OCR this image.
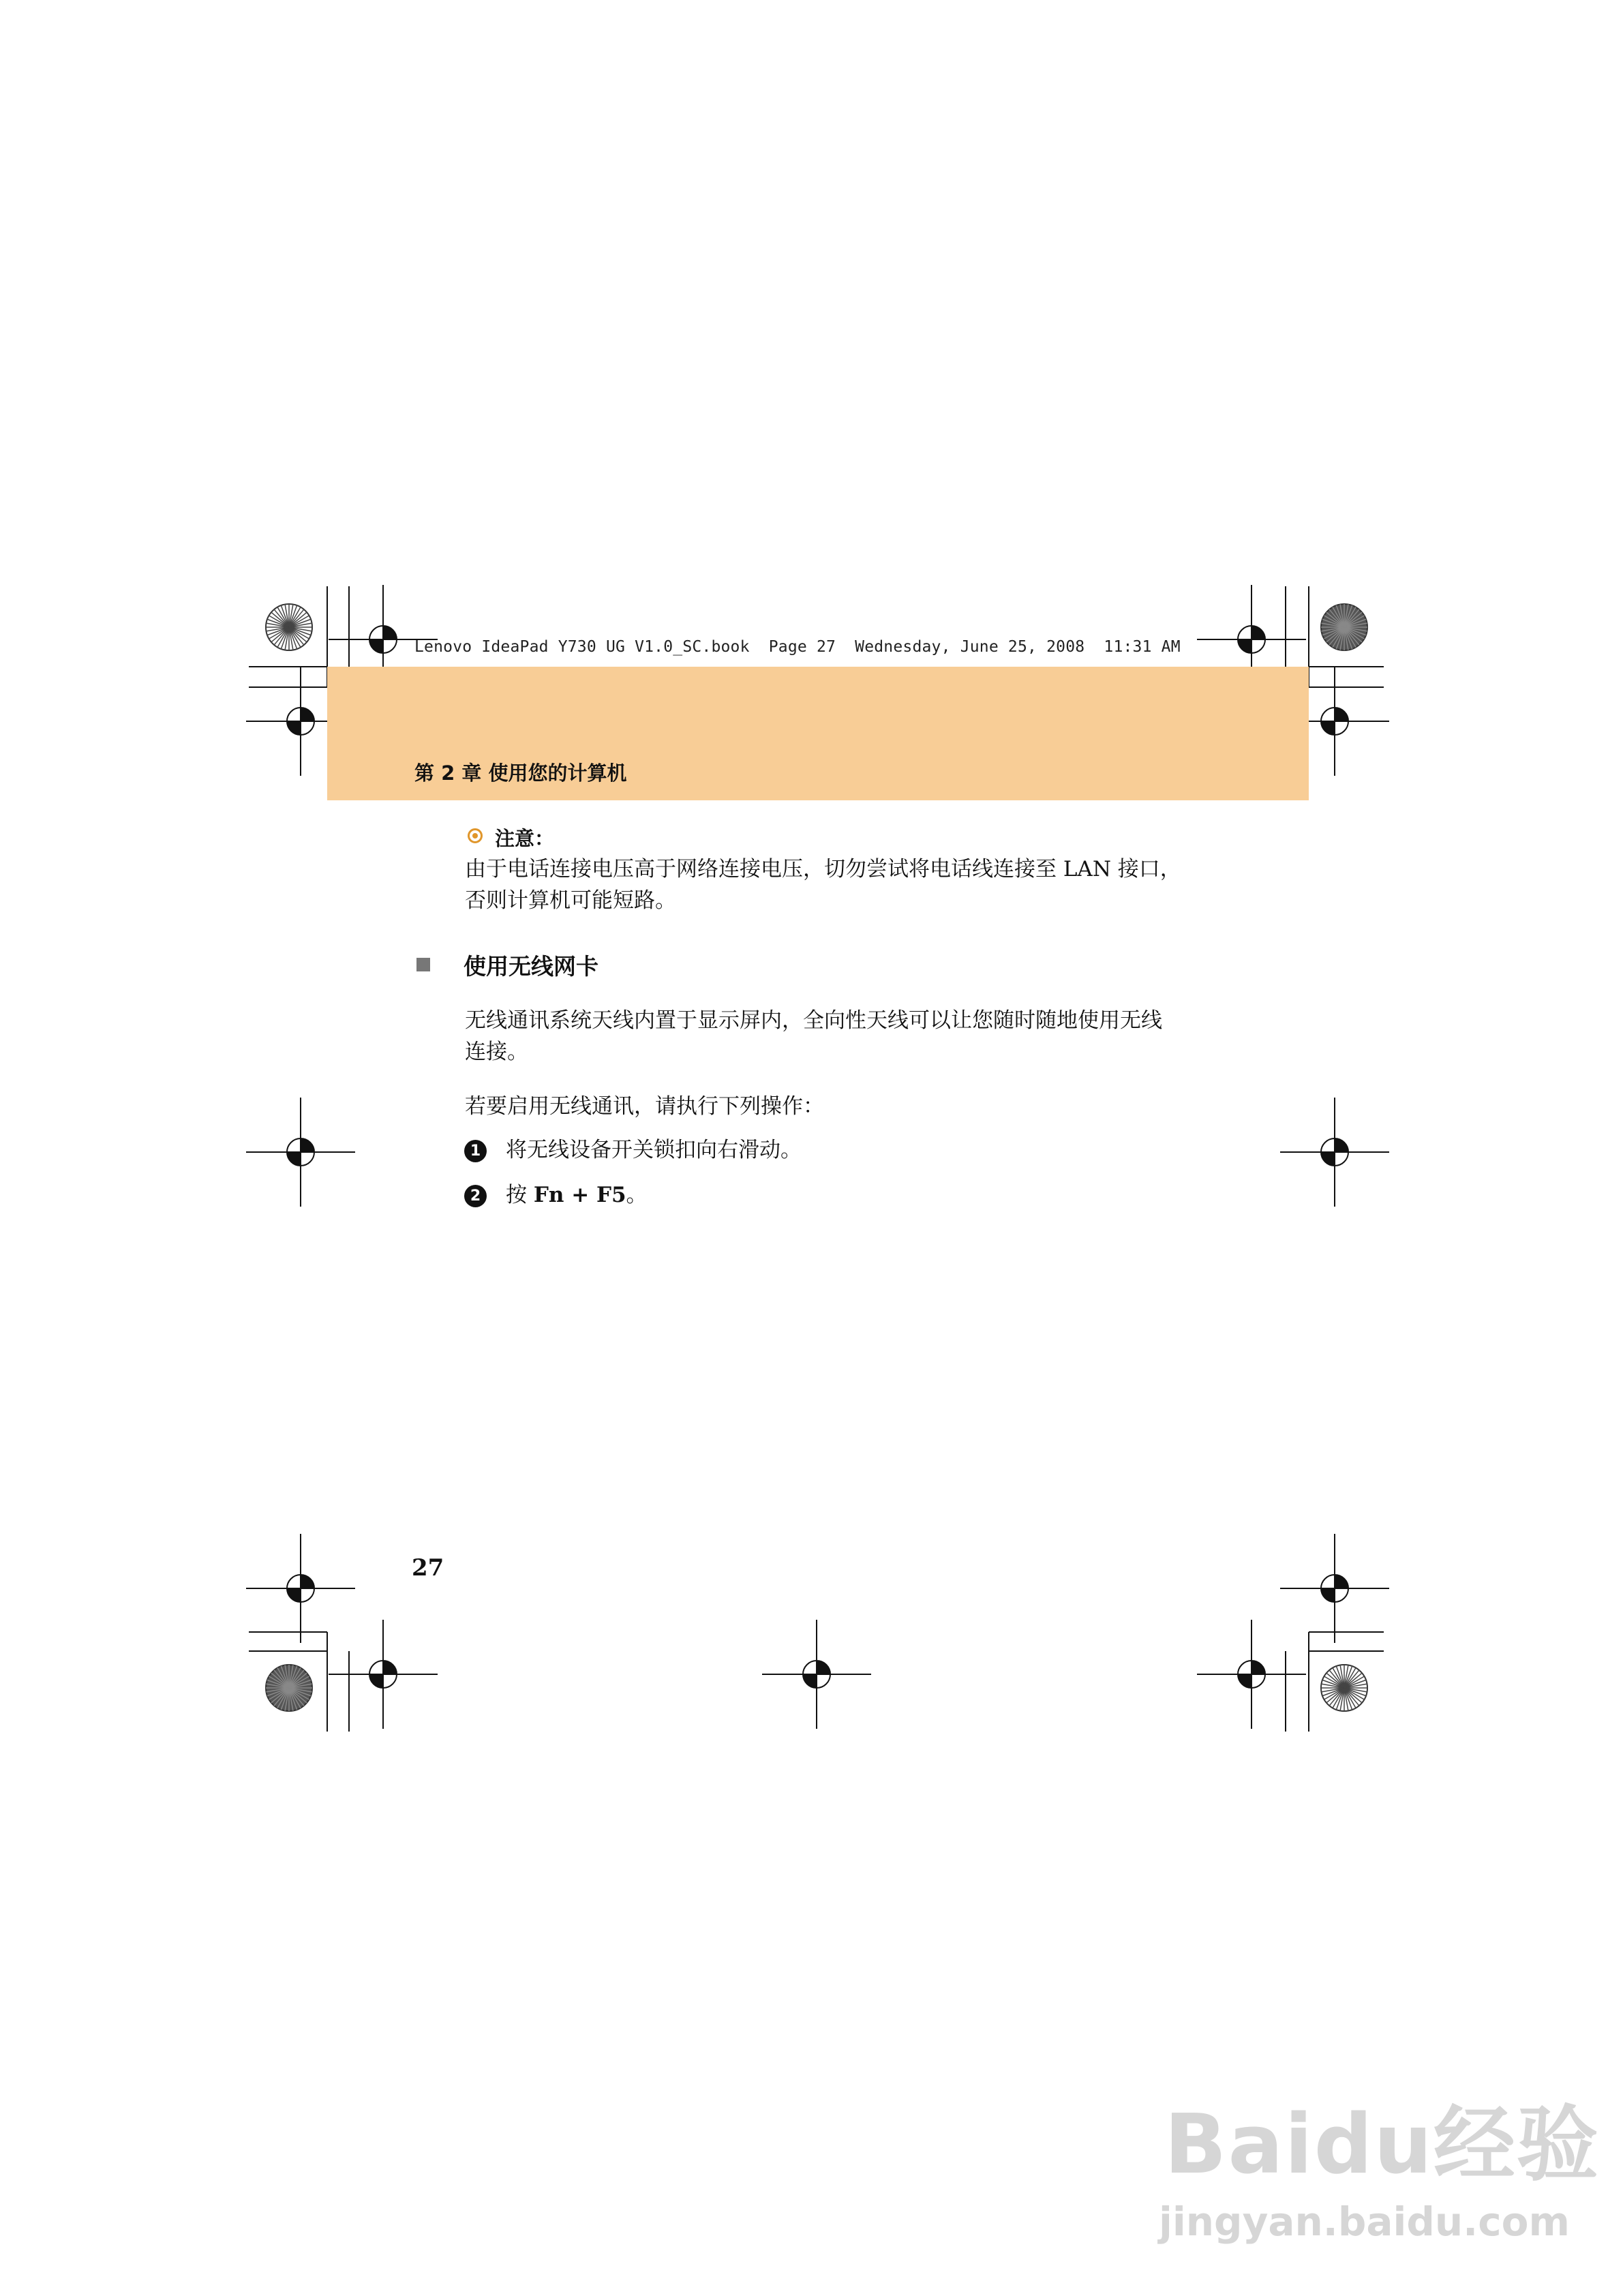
Lenovo IdeaPad Y730 UG V1.0_SC.book  Page 27  Wednesday, June 25, 2008  11:31 AM
第 2 章 使用您的计算机
注意：
由于电话连接电压高于网络连接电压，切勿尝试将电话线连接至 LAN 接口，
否则计算机可能短路。
使用无线网卡
无线通讯系统天线内置于显示屏内，全向性天线可以让您随时随地使用无线
连接。
若要启用无线通讯，请执行下列操作：
1 将无线设备开关锁扣向右滑动。
2 按 Fn + F5。
27
Baidu经验
jingyan.baidu.com
